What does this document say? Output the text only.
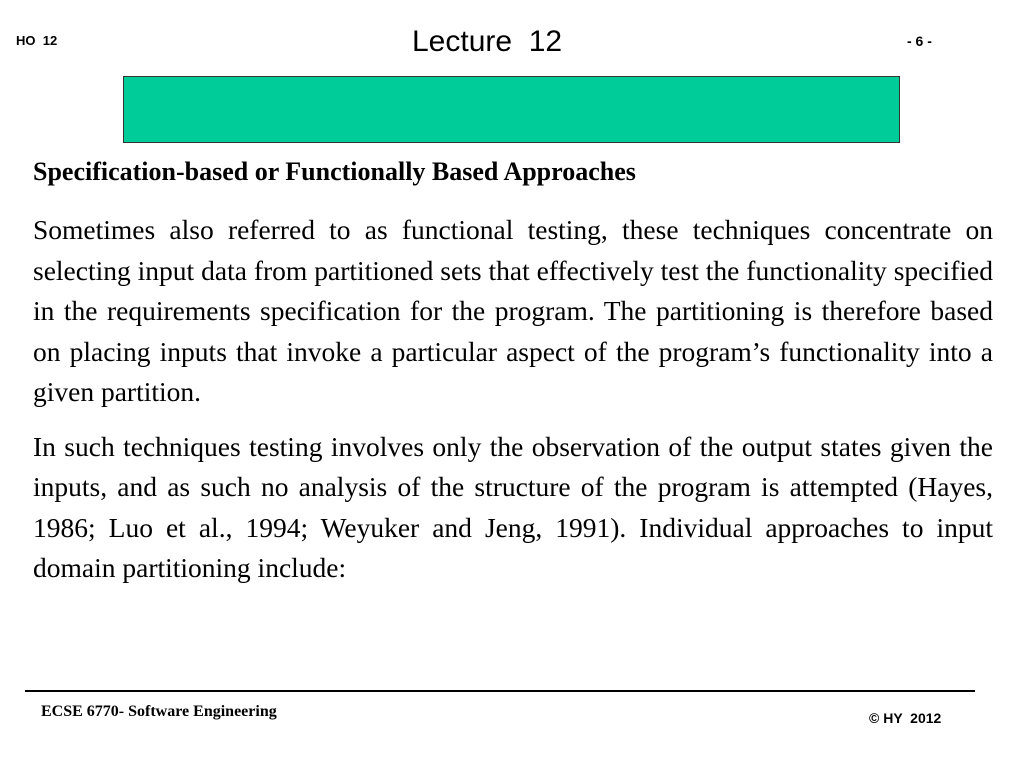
HO  12	Lecture  12	- 6 -
Specification-based or Functionally Based Approaches

Sometimes also referred to as functional testing, these techniques concentrate on selecting input data from partitioned sets that effectively test the functionality specified in the requirements specification for the program. The partitioning is therefore based on placing inputs that invoke a particular aspect of the program’s functionality into a given partition.

In such techniques testing involves only the observation of the output states given the inputs, and as such no analysis of the structure of the program is attempted (Hayes, 1986; Luo et al., 1994; Weyuker and Jeng, 1991). Individual approaches to input domain partitioning include:

ECSE 6770- Software Engineering	© HY  2012
